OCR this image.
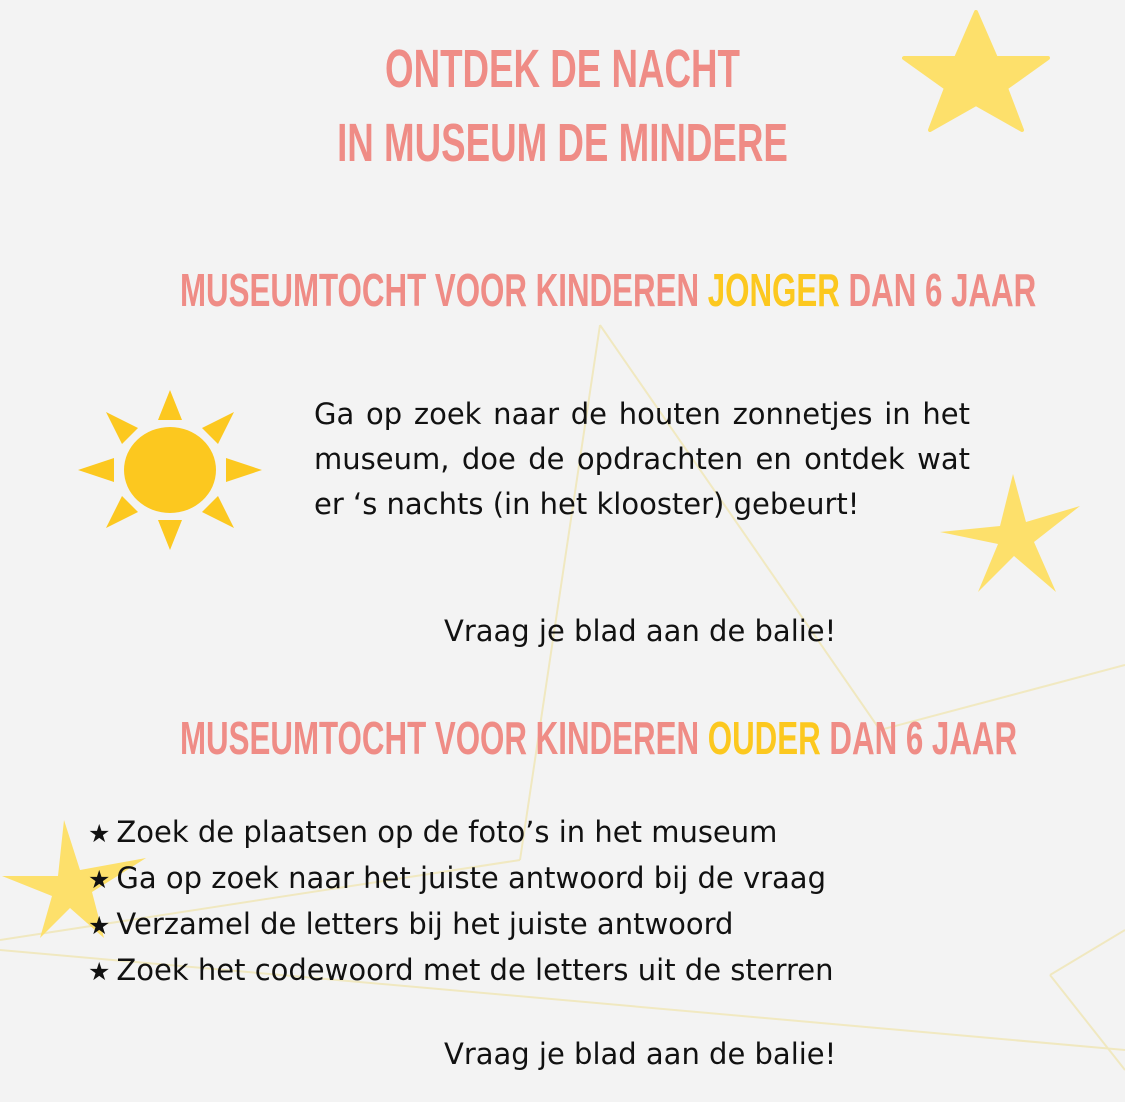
ONTDEK DE NACHT
IN MUSEUM DE MINDERE
MUSEUMTOCHT VOOR KINDEREN JONGER DAN 6 JAAR

Ga op zoek naar de houten zonnetjes in het museum, doe de opdrachten en ontdek wat er ‘s nachts (in het klooster) gebeurt!

Vraag je blad aan de balie!

MUSEUMTOCHT VOOR KINDEREN OUDER DAN 6 JAAR
★ Zoek de plaatsen op de foto’s in het museum
★ Ga op zoek naar het juiste antwoord bij de vraag
★ Verzamel de letters bij het juiste antwoord
★ Zoek het codewoord met de letters uit de sterren

Vraag je blad aan de balie!
